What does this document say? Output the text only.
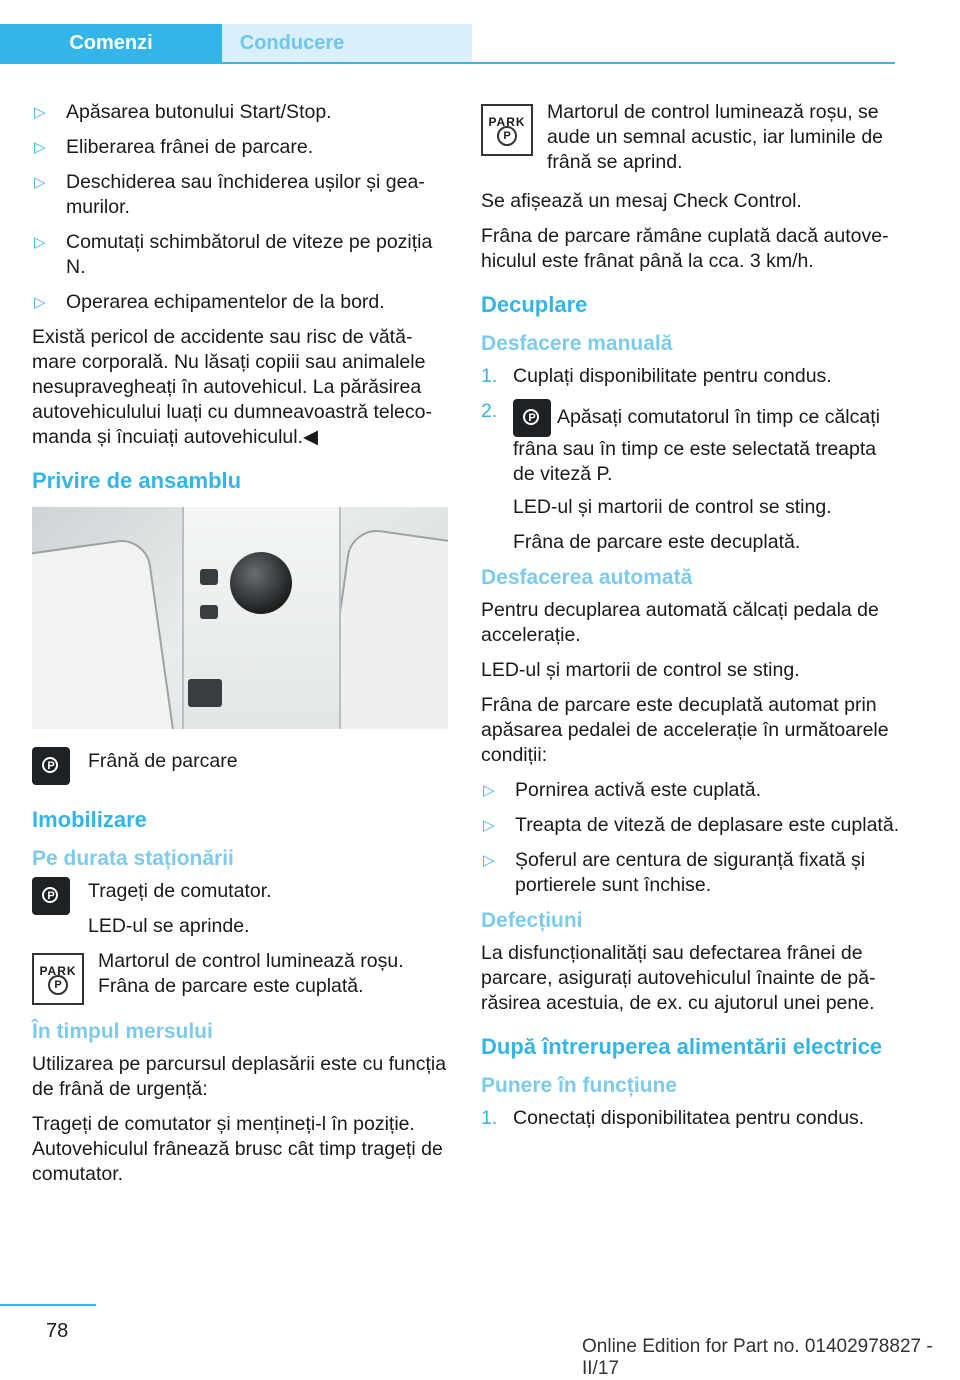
Comenzi	Conducere
▷ Apăsarea butonului Start/Stop.
▷ Eliberarea frânei de parcare.
▷ Deschiderea sau închiderea ușilor și geamurilor.
▷ Comutați schimbătorul de viteze pe poziția N.
▷ Operarea echipamentelor de la bord.

Există pericol de accidente sau risc de vătămare corporală. Nu lăsați copiii sau animalele nesupravegheați în autovehicul. La părăsirea autovehiculului luați cu dumneavoastră telecomanda și încuiați autovehiculul.◀

Privire de ansamblu
P	Frână de parcare
Imobilizare
Pe durata staționării
P	Trageți de comutator.

LED-ul se aprinde.

PARK
P
Martorul de control luminează roșu. Frâna de parcare este cuplată.
În timpul mersului

Utilizarea pe parcursul deplasării este cu funcția de frână de urgență:

Trageți de comutator și mențineți-l în poziție. Autovehiculul frânează brusc cât timp trageți de comutator.

PARK
P
Martorul de control luminează roșu, se aude un semnal acustic, iar luminile de frână se aprind.

Se afișează un mesaj Check Control.

Frâna de parcare rămâne cuplată dacă autovehiculul este frânat până la cca. 3 km/h.

Decuplare
Desfacere manuală
1. Cuplați disponibilitate pentru condus.
2.	P	Apăsați comutatorul în timp ce călcați frâna sau în timp ce este selectată treapta de viteză P.

LED-ul și martorii de control se sting.

Frâna de parcare este decuplată.

Desfacerea automată

Pentru decuplarea automată călcați pedala de accelerație.

LED-ul și martorii de control se sting.

Frâna de parcare este decuplată automat prin apăsarea pedalei de accelerație în următoarele condiții:

▷ Pornirea activă este cuplată.
▷ Treapta de viteză de deplasare este cuplată.
▷ Șoferul are centura de siguranță fixată și portierele sunt închise.
Defecțiuni

La disfuncționalități sau defectarea frânei de parcare, asigurați autovehiculul înainte de părăsirea acestuia, de ex. cu ajutorul unei pene.

După întreruperea alimentării electrice
Punere în funcțiune
1. Conectați disponibilitatea pentru condus.
78
Online Edition for Part no. 01402978827 - II/17
